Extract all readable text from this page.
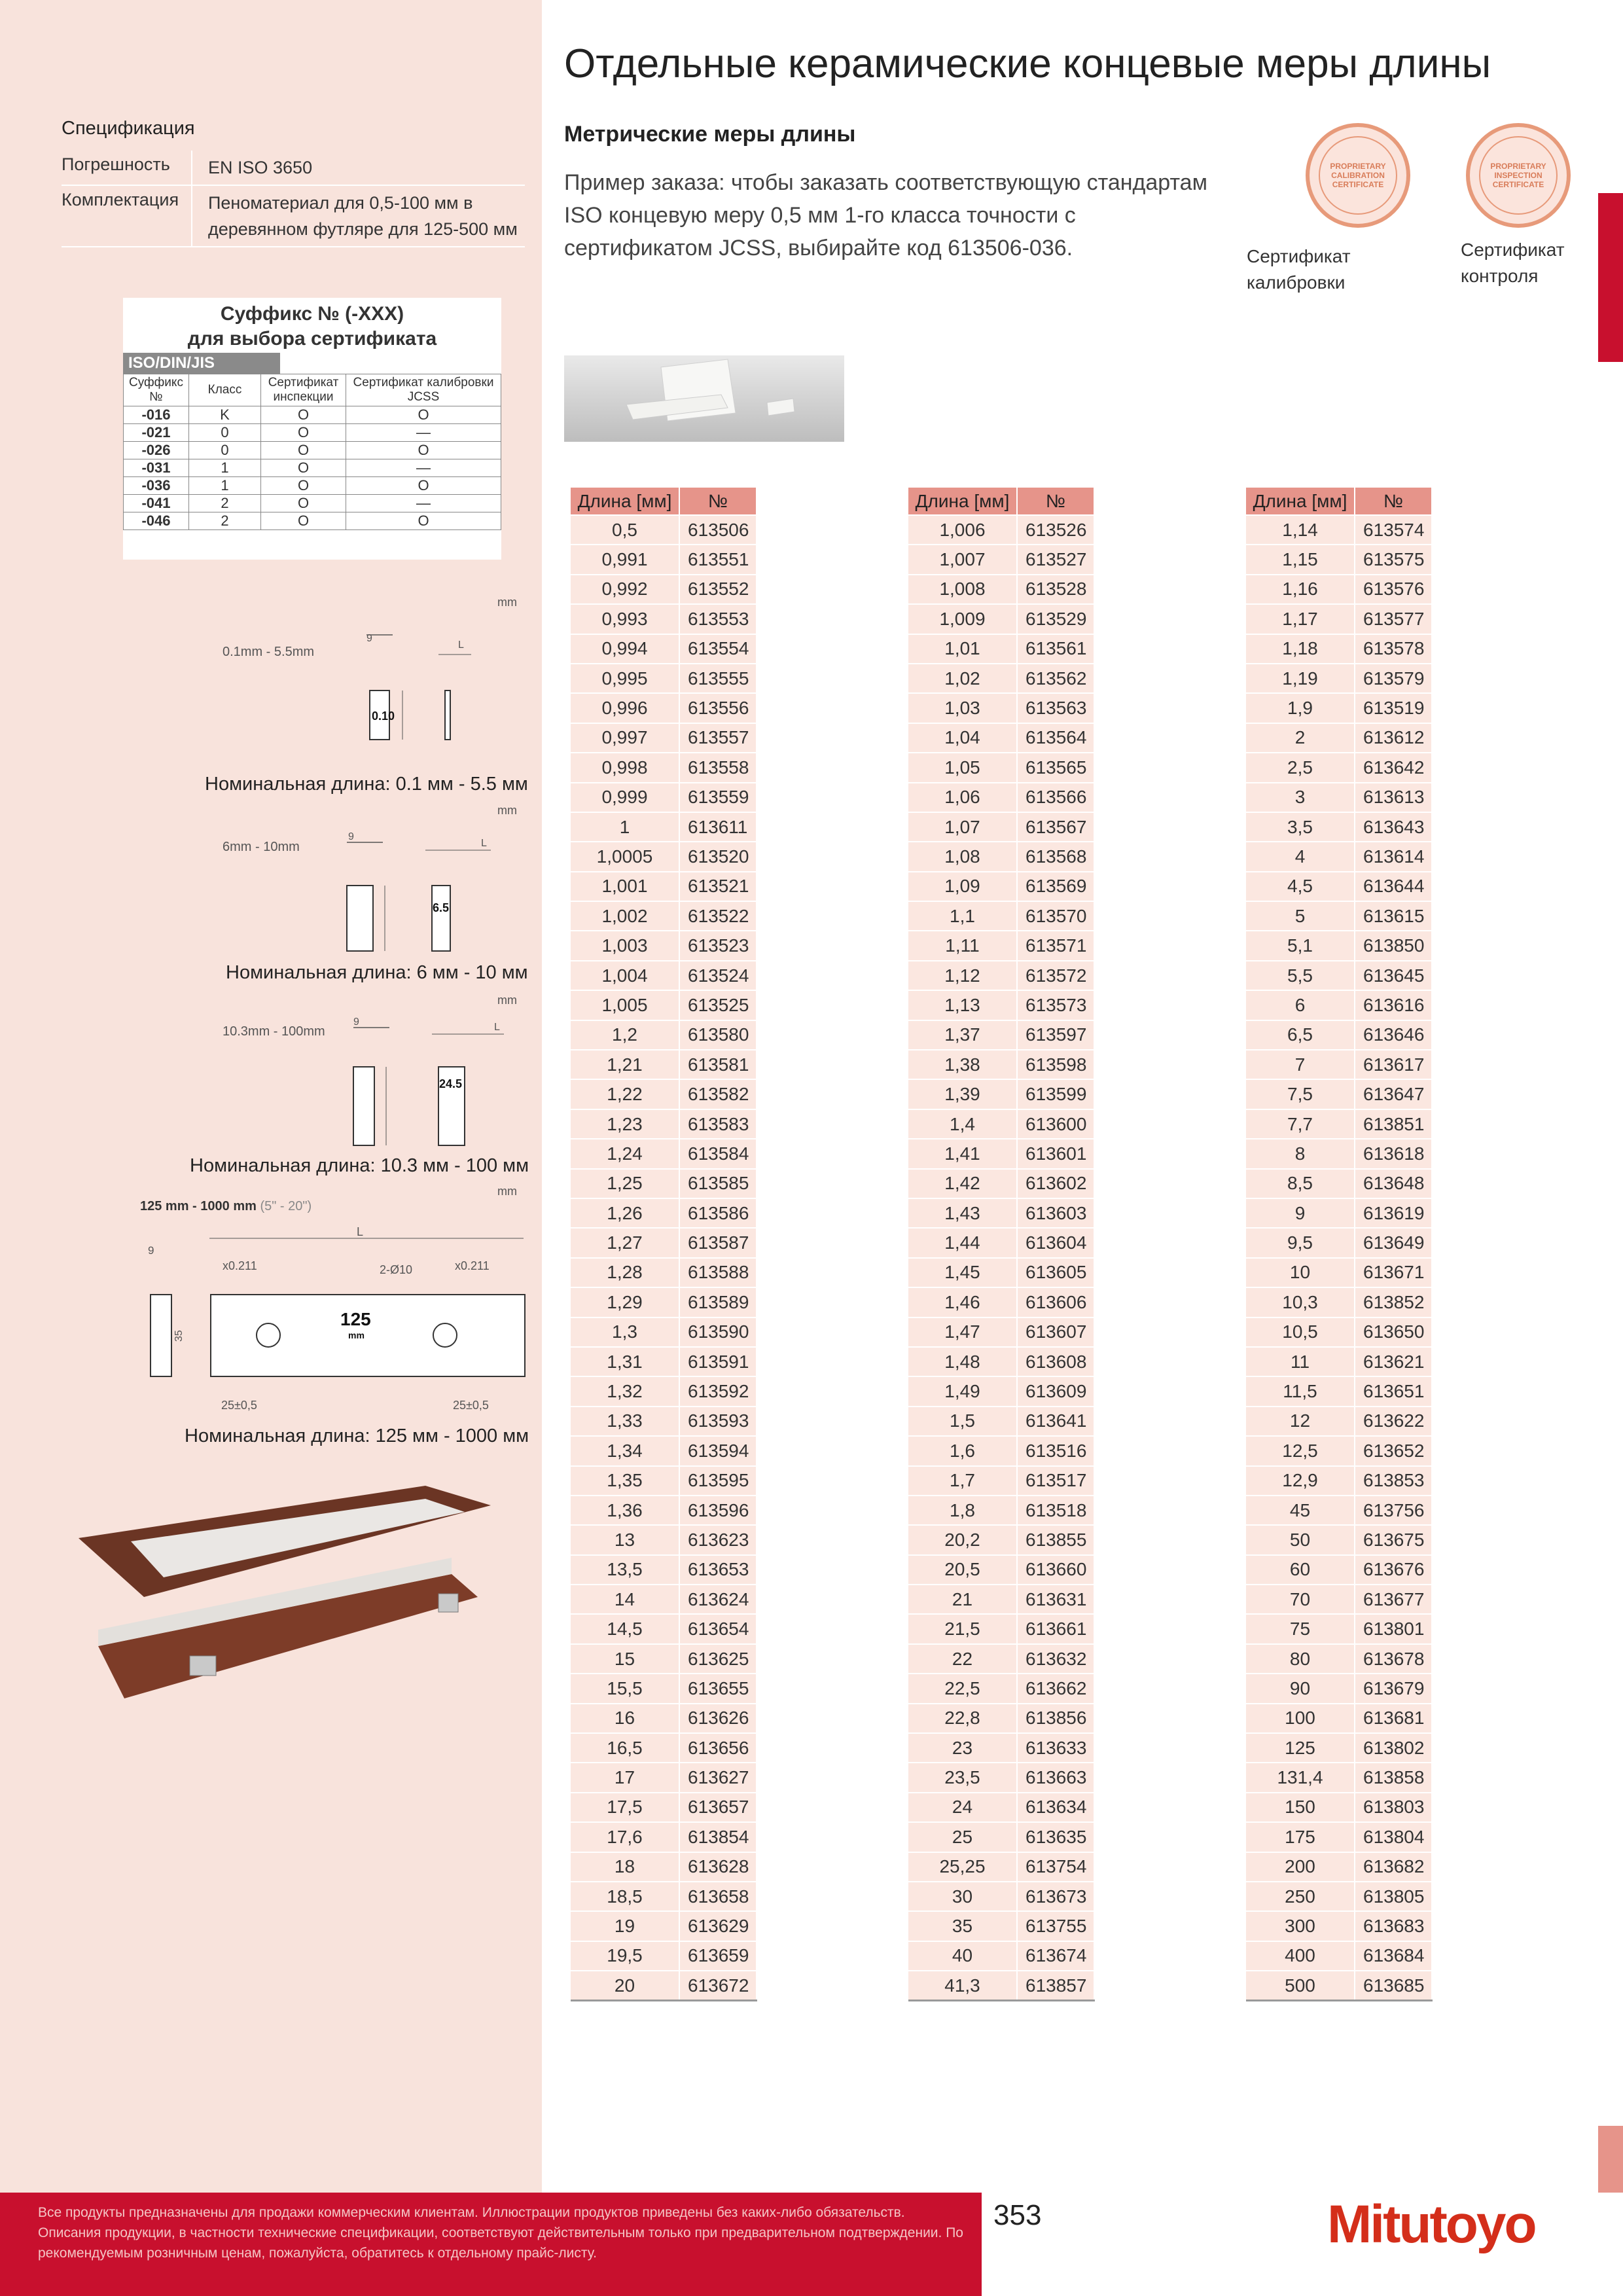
Спецификация
Погрешность	EN ISO 3650
Комплектация	Пеноматериал для 0,5-100 мм в деревянном футляре для 125-500 мм
Суффикс № (-XXX)
для выбора сертификата
ISO/DIN/JIS
Суффикс №	Класс	Сертификат инспекции	Сертификат калибровки JCSS
-016	K	O	O
-021	0	O	—
-026	0	O	O
-031	1	O	—
-036	1	O	O
-041	2	O	—
-046	2	O	O
mm
0.1mm - 5.5mm
9
0.10
L
Номинальная длина: 0.1 мм - 5.5 мм
mm
6mm - 10mm
9
6.5
L
Номинальная длина: 6 мм - 10 мм
mm
10.3mm - 100mm
9
24.5
L
Номинальная длина: 10.3 мм - 100 мм
mm
125 mm - 1000 mm (5" - 20")
L
9
35
125
mm
x0.211	2-Ø10	x0.211
25±0,5	25±0,5
Номинальная длина: 125 мм - 1000 мм
Отдельные керамические концевые меры длины
Метрические меры длины
Пример заказа: чтобы заказать соответствующую стандартам ISO концевую меру 0,5 мм 1-го класса точности с сертификатом JCSS, выбирайте код 613506-036.
PROPRIETARY CALIBRATION CERTIFICATE
PROPRIETARY INSPECTION CERTIFICATE
Сертификат калибровки
Сертификат контроля
Длина [мм]	№
0,5	613506
0,991	613551
0,992	613552
0,993	613553
0,994	613554
0,995	613555
0,996	613556
0,997	613557
0,998	613558
0,999	613559
1	613611
1,0005	613520
1,001	613521
1,002	613522
1,003	613523
1,004	613524
1,005	613525
1,2	613580
1,21	613581
1,22	613582
1,23	613583
1,24	613584
1,25	613585
1,26	613586
1,27	613587
1,28	613588
1,29	613589
1,3	613590
1,31	613591
1,32	613592
1,33	613593
1,34	613594
1,35	613595
1,36	613596
13	613623
13,5	613653
14	613624
14,5	613654
15	613625
15,5	613655
16	613626
16,5	613656
17	613627
17,5	613657
17,6	613854
18	613628
18,5	613658
19	613629
19,5	613659
20	613672
Длина [мм]	№
1,006	613526
1,007	613527
1,008	613528
1,009	613529
1,01	613561
1,02	613562
1,03	613563
1,04	613564
1,05	613565
1,06	613566
1,07	613567
1,08	613568
1,09	613569
1,1	613570
1,11	613571
1,12	613572
1,13	613573
1,37	613597
1,38	613598
1,39	613599
1,4	613600
1,41	613601
1,42	613602
1,43	613603
1,44	613604
1,45	613605
1,46	613606
1,47	613607
1,48	613608
1,49	613609
1,5	613641
1,6	613516
1,7	613517
1,8	613518
20,2	613855
20,5	613660
21	613631
21,5	613661
22	613632
22,5	613662
22,8	613856
23	613633
23,5	613663
24	613634
25	613635
25,25	613754
30	613673
35	613755
40	613674
41,3	613857
Длина [мм]	№
1,14	613574
1,15	613575
1,16	613576
1,17	613577
1,18	613578
1,19	613579
1,9	613519
2	613612
2,5	613642
3	613613
3,5	613643
4	613614
4,5	613644
5	613615
5,1	613850
5,5	613645
6	613616
6,5	613646
7	613617
7,5	613647
7,7	613851
8	613618
8,5	613648
9	613619
9,5	613649
10	613671
10,3	613852
10,5	613650
11	613621
11,5	613651
12	613622
12,5	613652
12,9	613853
45	613756
50	613675
60	613676
70	613677
75	613801
80	613678
90	613679
100	613681
125	613802
131,4	613858
150	613803
175	613804
200	613682
250	613805
300	613683
400	613684
500	613685
Все продукты предназначены для продажи коммерческим клиентам. Иллюстрации продуктов приведены без каких-либо обязательств.
Описания продукции, в частности технические спецификации, соответствуют действительным только при предварительном подтверждении. По
рекомендуемым розничным ценам, пожалуйста, обратитесь к отдельному прайс-листу.
353	Mitutoyo
